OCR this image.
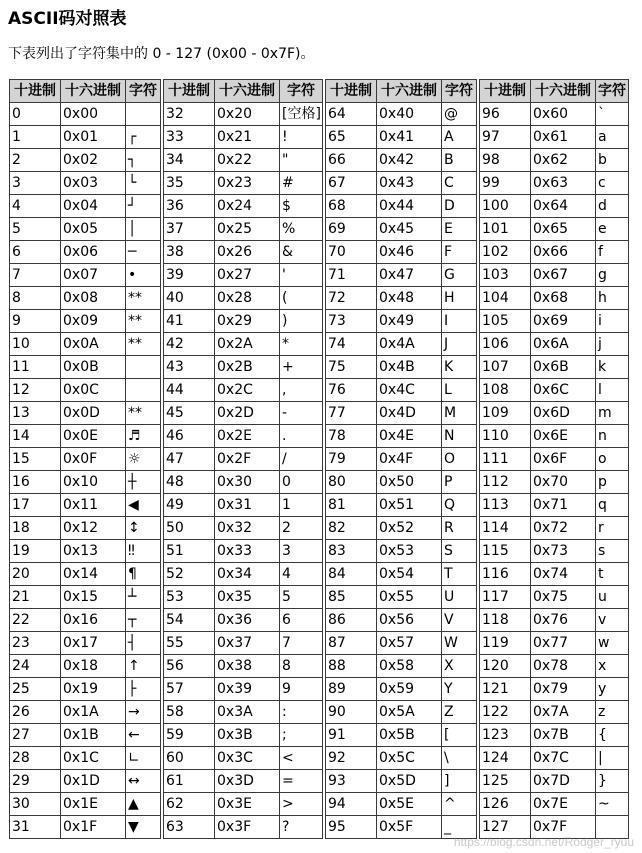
ASCII码对照表

下表列出了字符集中的 0 - 127 (0x00 - 0x7F)。

十进制	十六进制	字符
0	0x00	
1	0x01	┌
2	0x02	┐
3	0x03	└
4	0x04	┘
5	0x05	│
6	0x06	─
7	0x07	•
8	0x08	**
9	0x09	**
10	0x0A	**
11	0x0B	
12	0x0C	
13	0x0D	**
14	0x0E	♬
15	0x0F	☼
16	0x10	┼
17	0x11	◀
18	0x12	↕
19	0x13	‼
20	0x14	¶
21	0x15	┴
22	0x16	┬
23	0x17	┤
24	0x18	↑
25	0x19	├
26	0x1A	→
27	0x1B	←
28	0x1C	∟
29	0x1D	↔
30	0x1E	▲
31	0x1F	▼
十进制	十六进制	字符
32	0x20	[空格]
33	0x21	!
34	0x22	"
35	0x23	#
36	0x24	$
37	0x25	%
38	0x26	&
39	0x27	'
40	0x28	(
41	0x29	)
42	0x2A	*
43	0x2B	+
44	0x2C	,
45	0x2D	-
46	0x2E	.
47	0x2F	/
48	0x30	0
49	0x31	1
50	0x32	2
51	0x33	3
52	0x34	4
53	0x35	5
54	0x36	6
55	0x37	7
56	0x38	8
57	0x39	9
58	0x3A	:
59	0x3B	;
60	0x3C	<
61	0x3D	=
62	0x3E	>
63	0x3F	?
十进制	十六进制	字符
64	0x40	@
65	0x41	A
66	0x42	B
67	0x43	C
68	0x44	D
69	0x45	E
70	0x46	F
71	0x47	G
72	0x48	H
73	0x49	I
74	0x4A	J
75	0x4B	K
76	0x4C	L
77	0x4D	M
78	0x4E	N
79	0x4F	O
80	0x50	P
81	0x51	Q
82	0x52	R
83	0x53	S
84	0x54	T
85	0x55	U
86	0x56	V
87	0x57	W
88	0x58	X
89	0x59	Y
90	0x5A	Z
91	0x5B	[
92	0x5C	\
93	0x5D	]
94	0x5E	^
95	0x5F	_
十进制	十六进制	字符
96	0x60	`
97	0x61	a
98	0x62	b
99	0x63	c
100	0x64	d
101	0x65	e
102	0x66	f
103	0x67	g
104	0x68	h
105	0x69	i
106	0x6A	j
107	0x6B	k
108	0x6C	l
109	0x6D	m
110	0x6E	n
111	0x6F	o
112	0x70	p
113	0x71	q
114	0x72	r
115	0x73	s
116	0x74	t
117	0x75	u
118	0x76	v
119	0x77	w
120	0x78	x
121	0x79	y
122	0x7A	z
123	0x7B	{
124	0x7C	|
125	0x7D	}
126	0x7E	~
127	0x7F	
https://blog.csdn.net/Rodger_ryuu
